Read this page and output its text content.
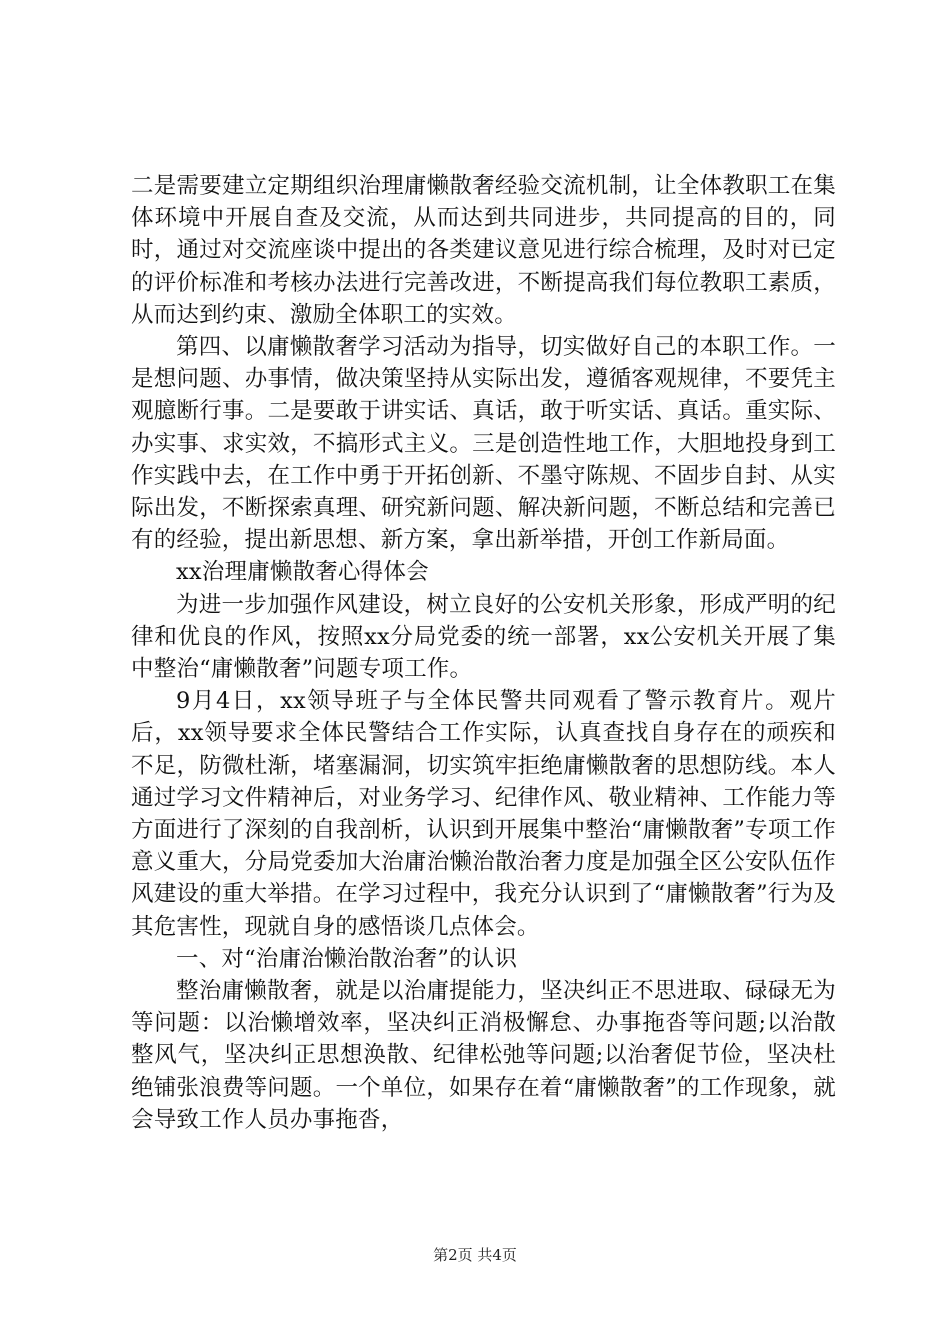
二是需要建立定期组织治理庸懒散奢经验交流机制，让全体教职工在集体环境中开展自查及交流，从而达到共同进步，共同提高的目的，同时，通过对交流座谈中提出的各类建议意见进行综合梳理，及时对已定的评价标准和考核办法进行完善改进，不断提高我们每位教职工素质，从而达到约束、激励全体职工的实效。

第四、以庸懒散奢学习活动为指导，切实做好自己的本职工作。一是想问题、办事情，做决策坚持从实际出发，遵循客观规律，不要凭主观臆断行事。二是要敢于讲实话、真话，敢于听实话、真话。重实际、办实事、求实效，不搞形式主义。三是创造性地工作，大胆地投身到工作实践中去，在工作中勇于开拓创新、不墨守陈规、不固步自封、从实际出发，不断探索真理、研究新问题、解决新问题，不断总结和完善已有的经验，提出新思想、新方案，拿出新举措，开创工作新局面。

xx治理庸懒散奢心得体会

为进一步加强作风建设，树立良好的公安机关形象，形成严明的纪律和优良的作风，按照xx分局党委的统一部署，xx公安机关开展了集中整治“庸懒散奢”问题专项工作。

9月4日，xx领导班子与全体民警共同观看了警示教育片。观片后，xx领导要求全体民警结合工作实际，认真查找自身存在的顽疾和不足，防微杜渐，堵塞漏洞，切实筑牢拒绝庸懒散奢的思想防线。本人通过学习文件精神后，对业务学习、纪律作风、敬业精神、工作能力等方面进行了深刻的自我剖析，认识到开展集中整治“庸懒散奢”专项工作意义重大，分局党委加大治庸治懒治散治奢力度是加强全区公安队伍作风建设的重大举措。在学习过程中，我充分认识到了“庸懒散奢”行为及其危害性，现就自身的感悟谈几点体会。

一、对“治庸治懒治散治奢”的认识

整治庸懒散奢，就是以治庸提能力，坚决纠正不思进取、碌碌无为等问题：以治懒增效率，坚决纠正消极懈怠、办事拖沓等问题;以治散整风气，坚决纠正思想涣散、纪律松弛等问题;以治奢促节俭，坚决杜绝铺张浪费等问题。一个单位，如果存在着“庸懒散奢”的工作现象，就会导致工作人员办事拖沓，

第2页 共4页
